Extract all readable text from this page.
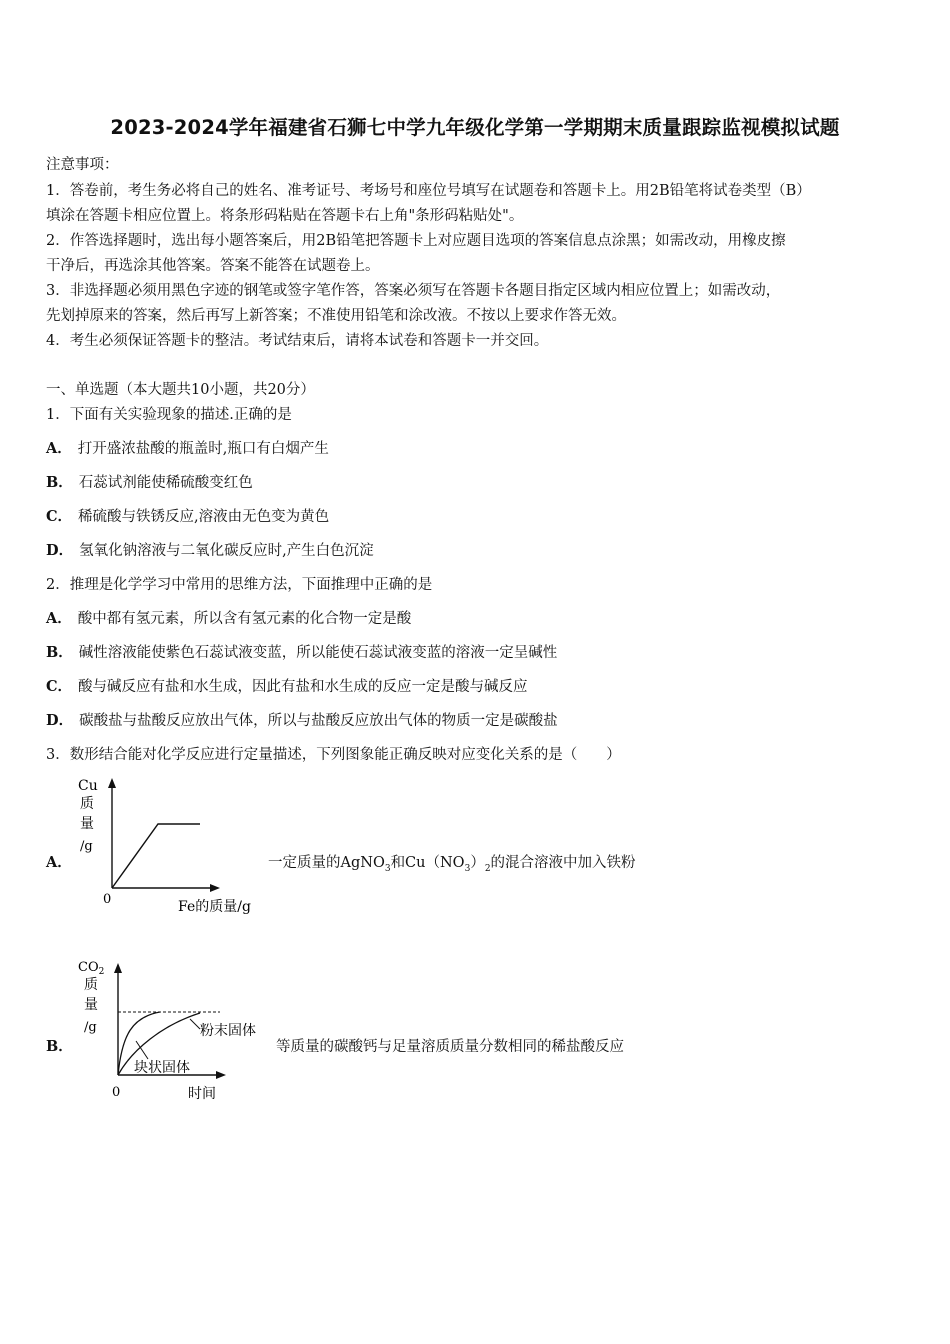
2023-2024学年福建省石狮七中学九年级化学第一学期期末质量跟踪监视模拟试题
注意事项：
1．答卷前，考生务必将自己的姓名、准考证号、考场号和座位号填写在试题卷和答题卡上。用2B铅笔将试卷类型（B）
填涂在答题卡相应位置上。将条形码粘贴在答题卡右上角"条形码粘贴处"。
2．作答选择题时，选出每小题答案后，用2B铅笔把答题卡上对应题目选项的答案信息点涂黑；如需改动，用橡皮擦
干净后，再选涂其他答案。答案不能答在试题卷上。
3．非选择题必须用黑色字迹的钢笔或签字笔作答，答案必须写在答题卡各题目指定区域内相应位置上；如需改动，
先划掉原来的答案，然后再写上新答案；不准使用铅笔和涂改液。不按以上要求作答无效。
4．考生必须保证答题卡的整洁。考试结束后，请将本试卷和答题卡一并交回。
一、单选题（本大题共10小题，共20分）
1．下面有关实验现象的描述.正确的是
A． 打开盛浓盐酸的瓶盖时,瓶口有白烟产生
B． 石蕊试剂能使稀硫酸变红色
C． 稀硫酸与铁锈反应,溶液由无色变为黄色
D． 氢氧化钠溶液与二氧化碳反应时,产生白色沉淀
2．推理是化学学习中常用的思维方法，下面推理中正确的是
A． 酸中都有氢元素，所以含有氢元素的化合物一定是酸
B． 碱性溶液能使紫色石蕊试液变蓝，所以能使石蕊试液变蓝的溶液一定呈碱性
C． 酸与碱反应有盐和水生成，因此有盐和水生成的反应一定是酸与碱反应
D． 碳酸盐与盐酸反应放出气体，所以与盐酸反应放出气体的物质一定是碳酸盐
3．数形结合能对化学反应进行定量描述，下列图象能正确反映对应变化关系的是（　　）
A．
Cu
质
量
/g
0	Fe的质量/g
一定质量的AgNO$_3$和$Cu(NO_3)_2$的混合溶液中加入铁粉
B．
$CO_2$
质
量
/g	粉末固体
块状固体
0	时间
等质量的碳酸钙与足量溶质质量分数相同的稀盐酸反应
